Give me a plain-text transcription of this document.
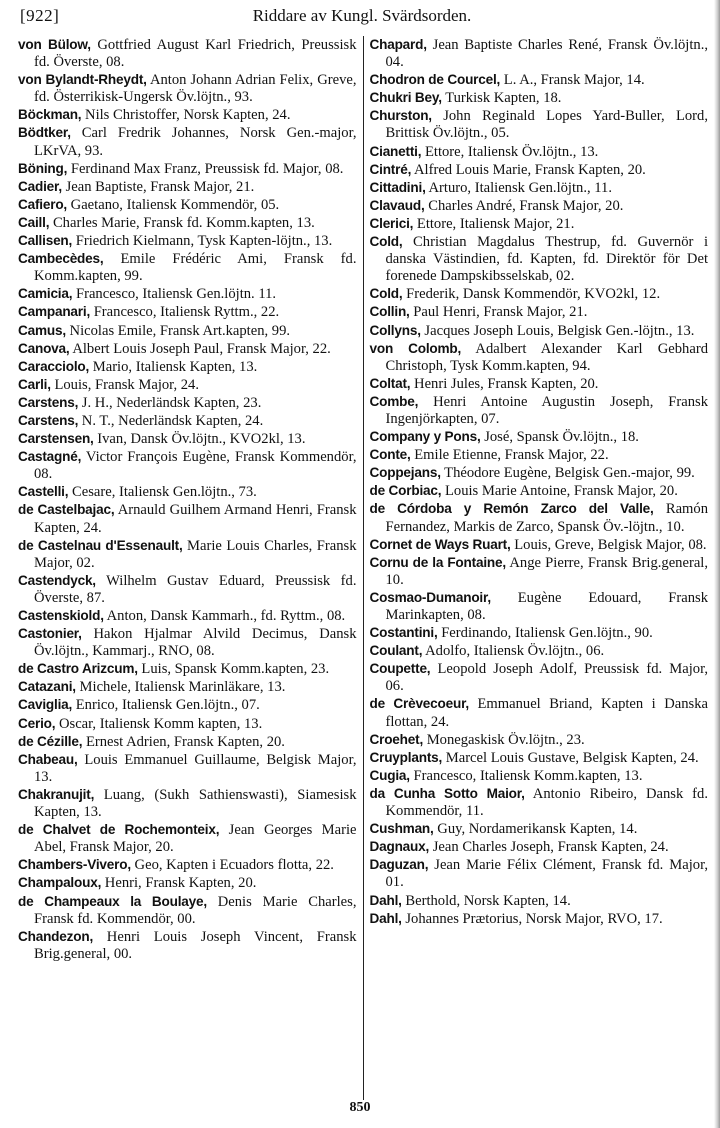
[922]	Riddare av Kungl. Svärdsorden.

von Bülow, Gottfried August Karl Friedrich, Preussisk fd. Överste, 08.

von Bylandt-Rheydt, Anton Johann Adrian Felix, Greve, fd. Österrikisk-Ungersk Öv.löjtn., 93.

Böckman, Nils Christoffer, Norsk Kapten, 24.

Bödtker, Carl Fredrik Johannes, Norsk Gen.-major, LKrVA, 93.

Böning, Ferdinand Max Franz, Preussisk fd. Major, 08.

Cadier, Jean Baptiste, Fransk Major, 21.

Cafiero, Gaetano, Italiensk Kommendör, 05.

Caill, Charles Marie, Fransk fd. Komm.kapten, 13.

Callisen, Friedrich Kielmann, Tysk Kapten-löjtn., 13.

Cambecèdes, Emile Frédéric Ami, Fransk fd. Komm.kapten, 99.

Camicia, Francesco, Italiensk Gen.löjtn. 11.

Campanari, Francesco, Italiensk Ryttm., 22.

Camus, Nicolas Emile, Fransk Art.kapten, 99.

Canova, Albert Louis Joseph Paul, Fransk Major, 22.

Caracciolo, Mario, Italiensk Kapten, 13.

Carli, Louis, Fransk Major, 24.

Carstens, J. H., Nederländsk Kapten, 23.

Carstens, N. T., Nederländsk Kapten, 24.

Carstensen, Ivan, Dansk Öv.löjtn., KVO2kl, 13.

Castagné, Victor François Eugène, Fransk Kommendör, 08.

Castelli, Cesare, Italiensk Gen.löjtn., 73.

de Castelbajac, Arnauld Guilhem Armand Henri, Fransk Kapten, 24.

de Castelnau d'Essenault, Marie Louis Charles, Fransk Major, 02.

Castendyck, Wilhelm Gustav Eduard, Preussisk fd. Överste, 87.

Castenskiold, Anton, Dansk Kammarh., fd. Ryttm., 08.

Castonier, Hakon Hjalmar Alvild Decimus, Dansk Öv.löjtn., Kammarj., RNO, 08.

de Castro Arizcum, Luis, Spansk Komm.kapten, 23.

Catazani, Michele, Italiensk Marinläkare, 13.

Caviglia, Enrico, Italiensk Gen.löjtn., 07.

Cerio, Oscar, Italiensk Komm kapten, 13.

de Cézille, Ernest Adrien, Fransk Kapten, 20.

Chabeau, Louis Emmanuel Guillaume, Belgisk Major, 13.

Chakranujit, Luang, (Sukh Sathienswasti), Siamesisk Kapten, 13.

de Chalvet de Rochemonteix, Jean Georges Marie Abel, Fransk Major, 20.

Chambers-Vivero, Geo, Kapten i Ecuadors flotta, 22.

Champaloux, Henri, Fransk Kapten, 20.

de Champeaux la Boulaye, Denis Marie Charles, Fransk fd. Kommendör, 00.

Chandezon, Henri Louis Joseph Vincent, Fransk Brig.general, 00.

Chapard, Jean Baptiste Charles René, Fransk Öv.löjtn., 04.

Chodron de Courcel, L. A., Fransk Major, 14.

Chukri Bey, Turkisk Kapten, 18.

Churston, John Reginald Lopes Yard-Buller, Lord, Brittisk Öv.löjtn., 05.

Cianetti, Ettore, Italiensk Öv.löjtn., 13.

Cintré, Alfred Louis Marie, Fransk Kapten, 20.

Cittadini, Arturo, Italiensk Gen.löjtn., 11.

Clavaud, Charles André, Fransk Major, 20.

Clerici, Ettore, Italiensk Major, 21.

Cold, Christian Magdalus Thestrup, fd. Guvernör i danska Västindien, fd. Kapten, fd. Direktör för Det forenede Dampskibsselskab, 02.

Cold, Frederik, Dansk Kommendör, KVO2kl, 12.

Collin, Paul Henri, Fransk Major, 21.

Collyns, Jacques Joseph Louis, Belgisk Gen.-löjtn., 13.

von Colomb, Adalbert Alexander Karl Gebhard Christoph, Tysk Komm.kapten, 94.

Coltat, Henri Jules, Fransk Kapten, 20.

Combe, Henri Antoine Augustin Joseph, Fransk Ingenjörkapten, 07.

Company y Pons, José, Spansk Öv.löjtn., 18.

Conte, Emile Etienne, Fransk Major, 22.

Coppejans, Théodore Eugène, Belgisk Gen.-major, 99.

de Corbiac, Louis Marie Antoine, Fransk Major, 20.

de Córdoba y Remón Zarco del Valle, Ramón Fernandez, Markis de Zarco, Spansk Öv.-löjtn., 10.

Cornet de Ways Ruart, Louis, Greve, Belgisk Major, 08.

Cornu de la Fontaine, Ange Pierre, Fransk Brig.general, 10.

Cosmao-Dumanoir, Eugène Edouard, Fransk Marinkapten, 08.

Costantini, Ferdinando, Italiensk Gen.löjtn., 90.

Coulant, Adolfo, Italiensk Öv.löjtn., 06.

Coupette, Leopold Joseph Adolf, Preussisk fd. Major, 06.

de Crèvecoeur, Emmanuel Briand, Kapten i Danska flottan, 24.

Croehet, Monegaskisk Öv.löjtn., 23.

Cruyplants, Marcel Louis Gustave, Belgisk Kapten, 24.

Cugia, Francesco, Italiensk Komm.kapten, 13.

da Cunha Sotto Maior, Antonio Ribeiro, Dansk fd. Kommendör, 11.

Cushman, Guy, Nordamerikansk Kapten, 14.

Dagnaux, Jean Charles Joseph, Fransk Kapten, 24.

Daguzan, Jean Marie Félix Clément, Fransk fd. Major, 01.

Dahl, Berthold, Norsk Kapten, 14.

Dahl, Johannes Prætorius, Norsk Major, RVO, 17.

850
